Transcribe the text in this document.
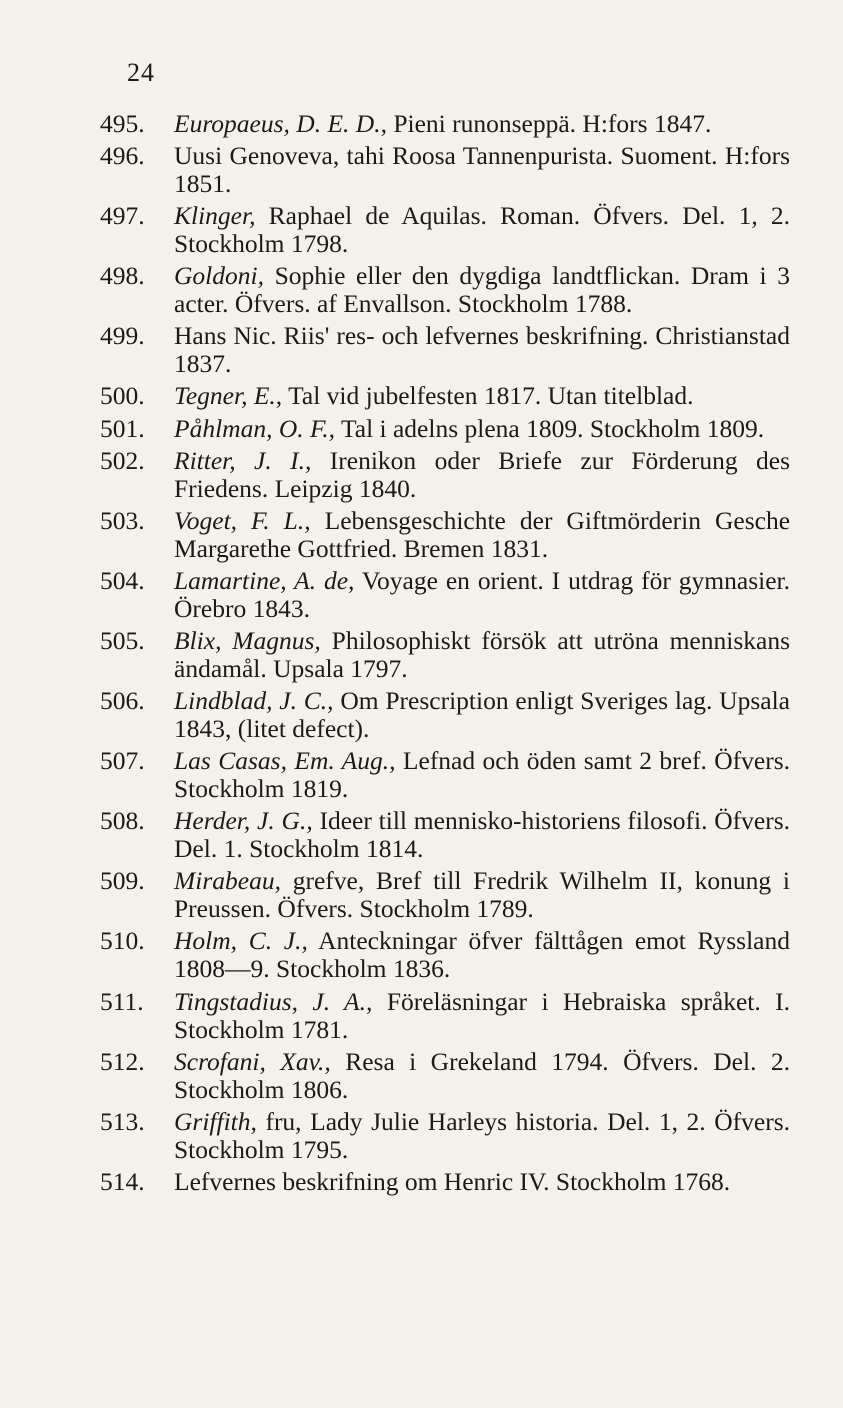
24
495.	Europaeus, D. E. D., Pieni runonseppä. H:fors 1847.
496.	Uusi Genoveva, tahi Roosa Tannenpurista. Suoment. H:fors 1851.
497.	Klinger, Raphael de Aquilas. Roman. Öfvers. Del. 1, 2. Stockholm 1798.
498.	Goldoni, Sophie eller den dygdiga landtflickan. Dram i 3 acter. Öfvers. af Envallson. Stockholm 1788.
499.	Hans Nic. Riis' res- och lefvernes beskrifning. Christianstad 1837.
500.	Tegner, E., Tal vid jubelfesten 1817. Utan titelblad.
501.	Påhlman, O. F., Tal i adelns plena 1809. Stockholm 1809.
502.	Ritter, J. I., Irenikon oder Briefe zur Förderung des Friedens. Leipzig 1840.
503.	Voget, F. L., Lebensgeschichte der Giftmörderin Gesche Margarethe Gottfried. Bremen 1831.
504.	Lamartine, A. de, Voyage en orient. I utdrag för gymnasier. Örebro 1843.
505.	Blix, Magnus, Philosophiskt försök att utröna menniskans ändamål. Upsala 1797.
506.	Lindblad, J. C., Om Prescription enligt Sveriges lag. Upsala 1843, (litet defect).
507.	Las Casas, Em. Aug., Lefnad och öden samt 2 bref. Öfvers. Stockholm 1819.
508.	Herder, J. G., Ideer till mennisko-historiens filosofi. Öfvers. Del. 1. Stockholm 1814.
509.	Mirabeau, grefve, Bref till Fredrik Wilhelm II, konung i Preussen. Öfvers. Stockholm 1789.
510.	Holm, C. J., Anteckningar öfver fälttågen emot Ryssland 1808—9. Stockholm 1836.
511.	Tingstadius, J. A., Föreläsningar i Hebraiska språket. I. Stockholm 1781.
512.	Scrofani, Xav., Resa i Grekeland 1794. Öfvers. Del. 2. Stockholm 1806.
513.	Griffith, fru, Lady Julie Harleys historia. Del. 1, 2. Öfvers. Stockholm 1795.
514.	Lefvernes beskrifning om Henric IV. Stockholm 1768.
